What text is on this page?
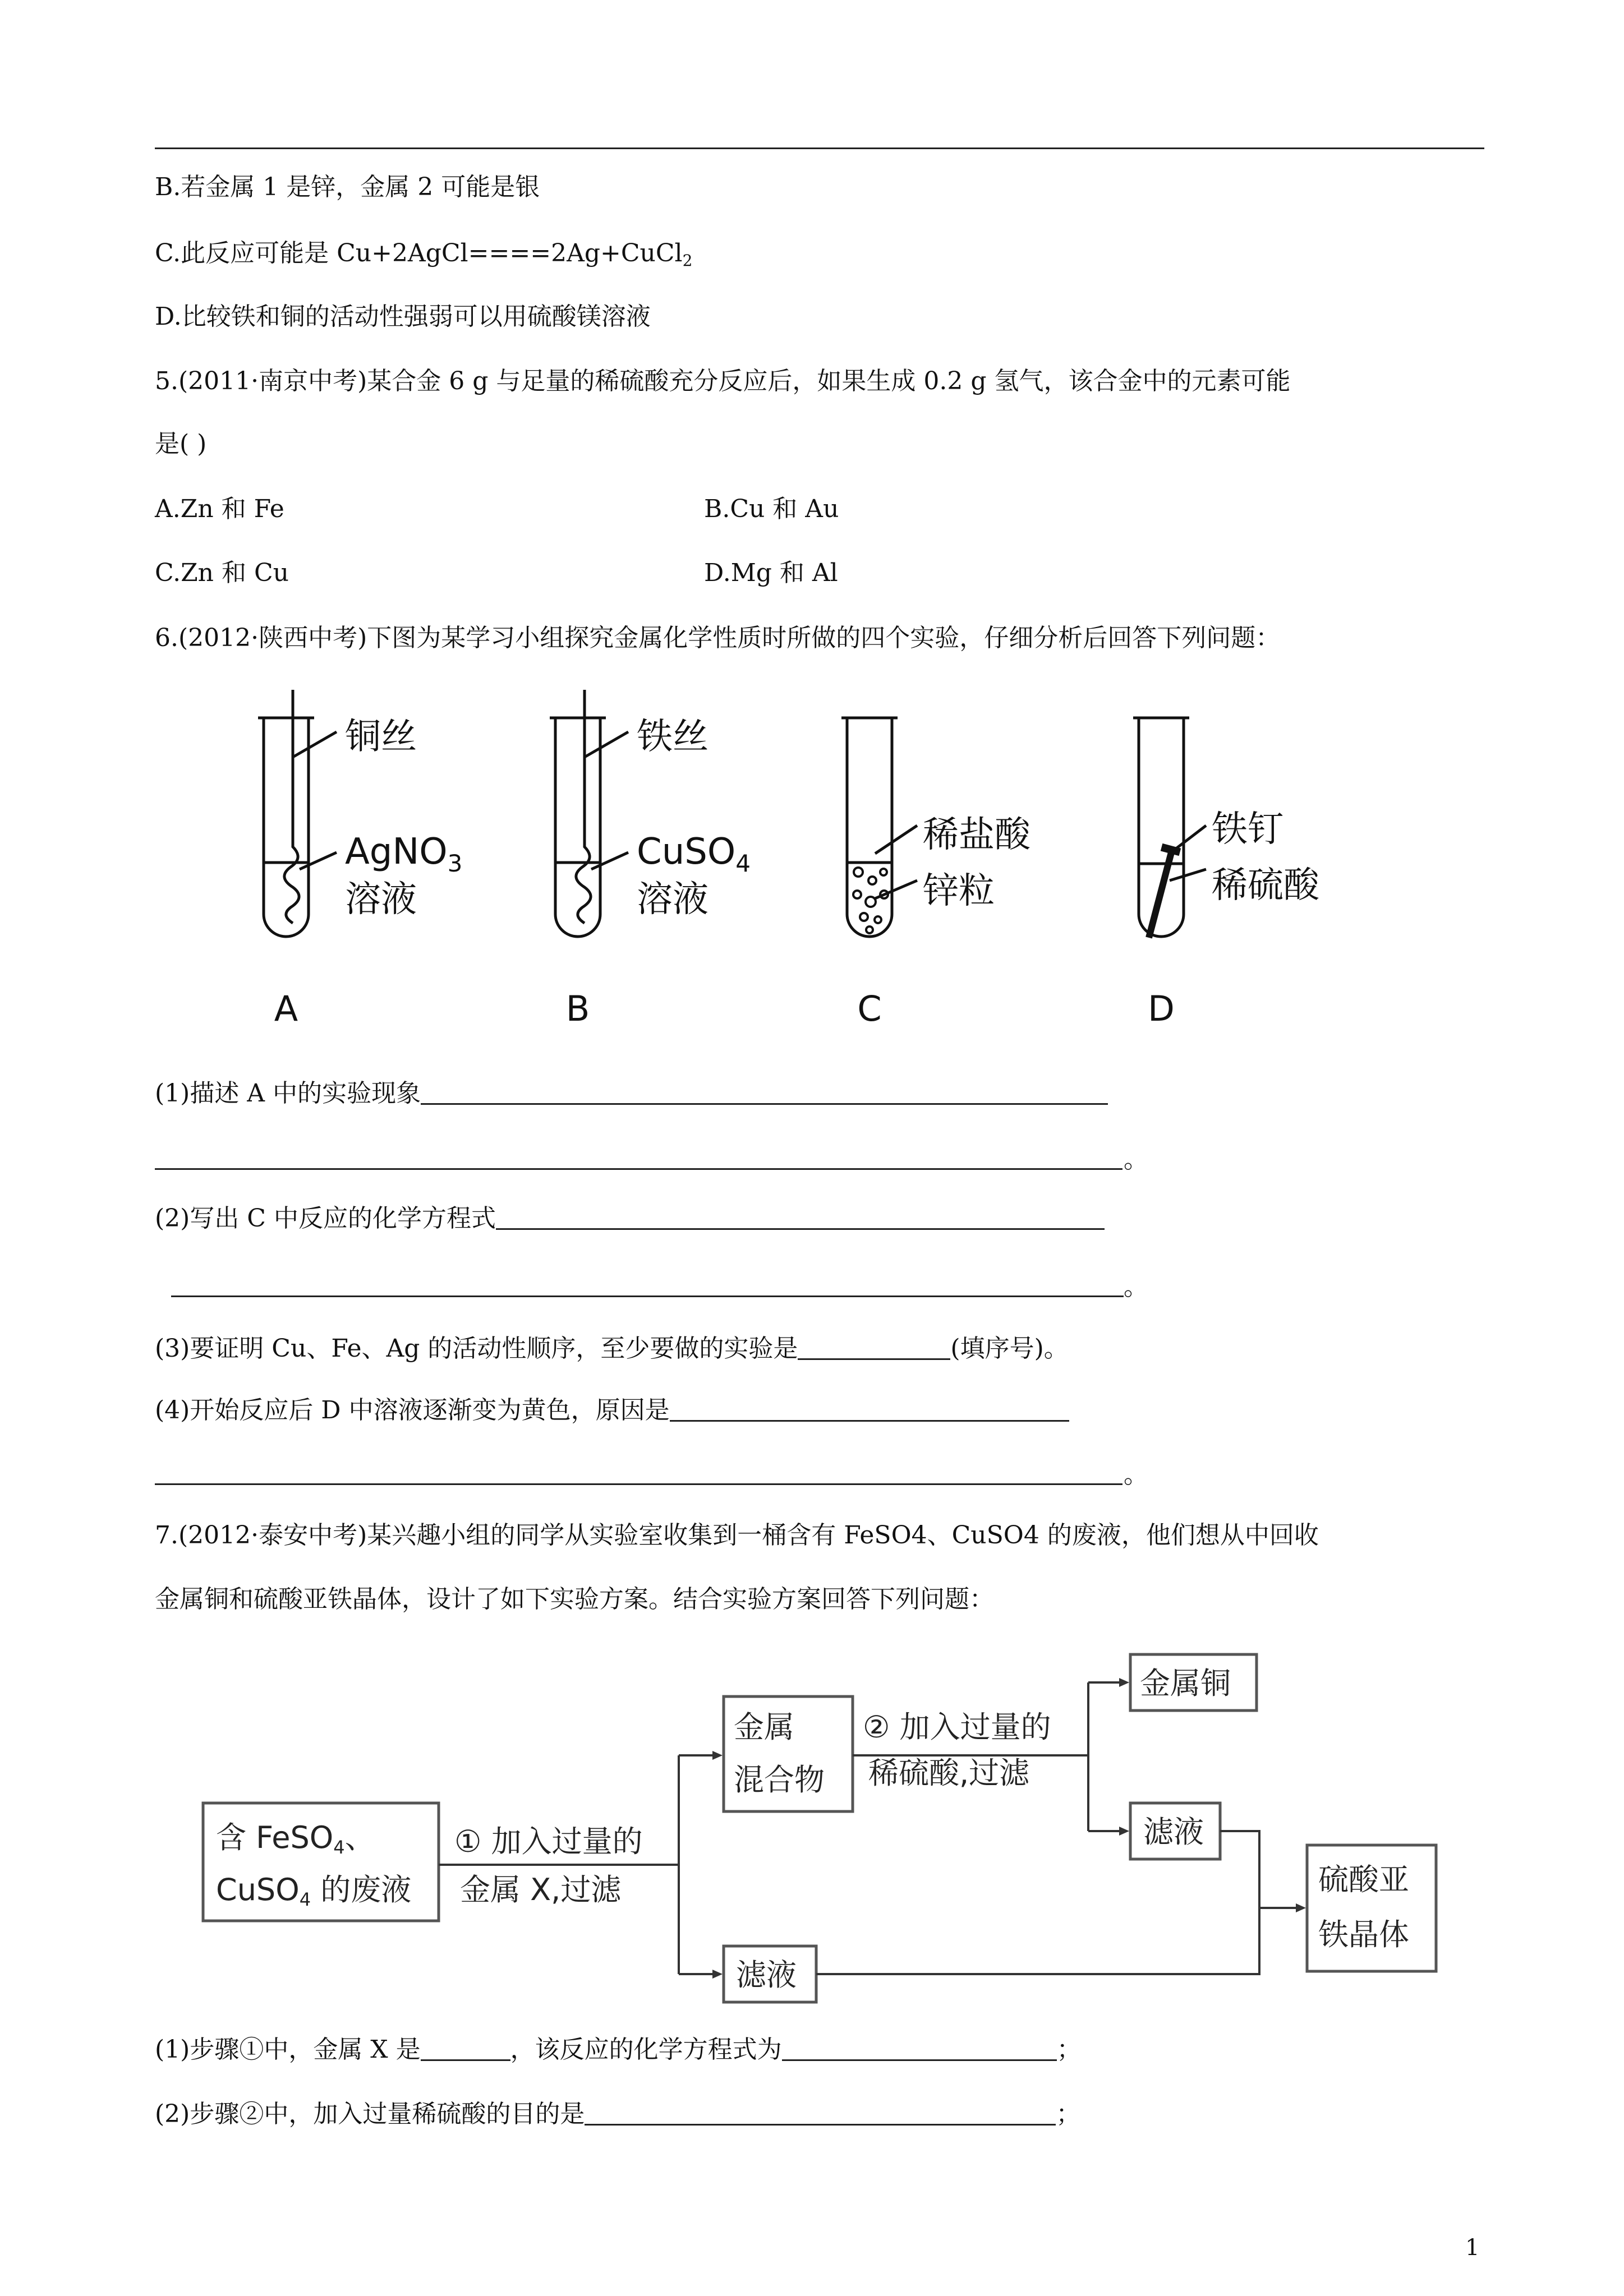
B.若金属 1 是锌，金属 2 可能是银
C.此反应可能是 Cu+2AgCl====2Ag+CuCl$_2$
D.比较铁和铜的活动性强弱可以用硫酸镁溶液
5.(2011·南京中考)某合金 6 g 与足量的稀硫酸充分反应后，如果生成 0.2 g 氢气，该合金中的元素可能
是( )
A.Zn 和 Fe	B.Cu 和 Au
C.Zn 和 Cu	D.Mg 和 Al
6.(2012·陕西中考)下图为某学习小组探究金属化学性质时所做的四个实验，仔细分析后回答下列问题：
铜丝
AgNO$_3$
溶液
铁丝
CuSO$_4$
溶液
稀盐酸
锌粒
铁钉
稀硫酸
A	B	C	D
(1)描述 A 中的实验现象
。
(2)写出 C 中反应的化学方程式
。
(3)要证明 Cu、Fe、Ag 的活动性顺序，至少要做的实验是	(填序号)。
(4)开始反应后 D 中溶液逐渐变为黄色，原因是
。
7.(2012·泰安中考)某兴趣小组的同学从实验室收集到一桶含有 FeSO4、CuSO4 的废液，他们想从中回收
金属铜和硫酸亚铁晶体，设计了如下实验方案。结合实验方案回答下列问题：
含 FeSO4、
CuSO4 的废液
① 加入过量的
金属 X,过滤
金属
混合物
② 加入过量的
稀硫酸,过滤
金属铜
滤液
滤液
硫酸亚
铁晶体
(1)步骤①中，金属 X 是	，该反应的化学方程式为	；
(2)步骤②中，加入过量稀硫酸的目的是	；
1
